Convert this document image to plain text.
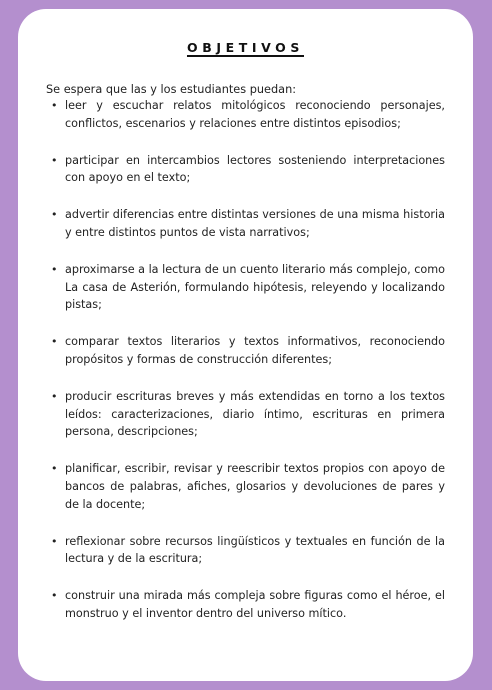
OBJETIVOS
Se espera que las y los estudiantes puedan:
• leer y escuchar relatos mitológicos reconociendo personajes, conflictos, escenarios y relaciones entre distintos episodios;
• participar en intercambios lectores sosteniendo interpretaciones con apoyo en el texto;
• advertir diferencias entre distintas versiones de una misma historia y entre distintos puntos de vista narrativos;
• aproximarse a la lectura de un cuento literario más complejo, como La casa de Asterión, formulando hipótesis, releyendo y localizando pistas;
• comparar textos literarios y textos informativos, reconociendo propósitos y formas de construcción diferentes;
• producir escrituras breves y más extendidas en torno a los textos leídos: caracterizaciones, diario íntimo, escrituras en primera persona, descripciones;
• planificar, escribir, revisar y reescribir textos propios con apoyo de bancos de palabras, afiches, glosarios y devoluciones de pares y de la docente;
• reflexionar sobre recursos lingüísticos y textuales en función de la lectura y de la escritura;
• construir una mirada más compleja sobre figuras como el héroe, el monstruo y el inventor dentro del universo mítico.
